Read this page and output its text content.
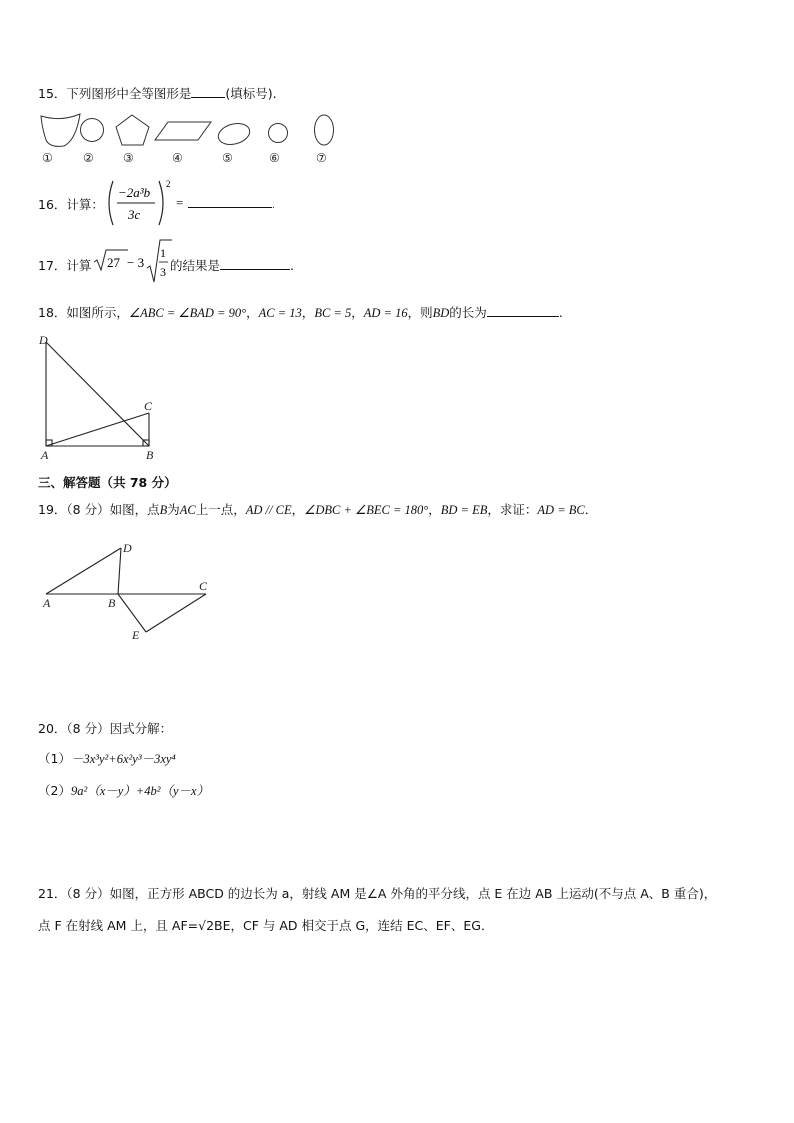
15．下列图形中全等图形是	(填标号).
①	② ③	④	⑤	⑥	⑦
16．计算：
−2a³b
3c
2
=	.
17．计算 27 − 3
1
3 的结果是	.
18．如图所示，∠ABC = ∠BAD = 90°，AC = 13，BC = 5，AD = 16，则BD的长为	.
D
C
A	B
三、解答题（共 78 分）
19．（8 分）如图，点B为AC上一点，AD // CE，∠DBC + ∠BEC = 180°，BD = EB，求证：AD = BC．
D
C
A	B
E
20．（8 分）因式分解：
（1）－3x³y²+6x²y³－3xy⁴
（2）9a²（x－y）+4b²（y－x）
21．（8 分）如图，正方形 ABCD 的边长为 a，射线 AM 是∠A 外角的平分线，点 E 在边 AB 上运动(不与点 A、B 重合)，
点 F 在射线 AM 上，且 AF=√2BE，CF 与 AD 相交于点 G，连结 EC、EF、EG．
